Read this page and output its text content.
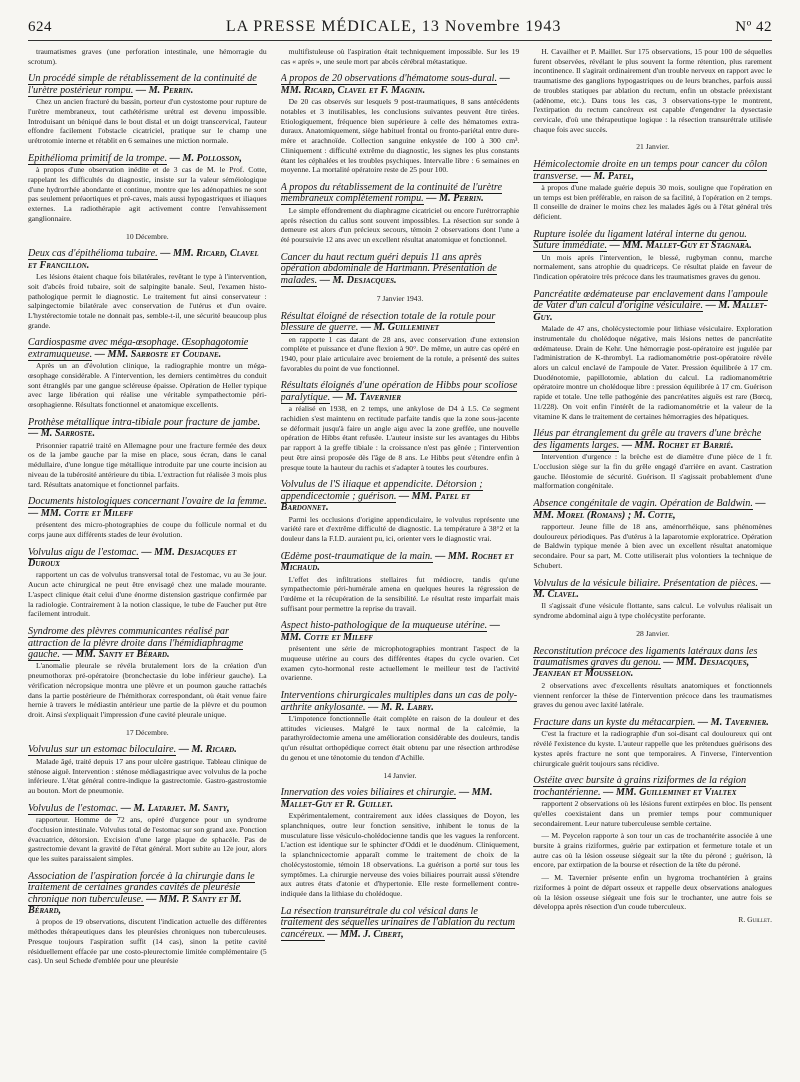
624	LA PRESSE MÉDICALE, 13 Novembre 1943	Nº 42

traumatismes graves (une perforation intestinale, une hémorragie du scrotum).

Un procédé simple de rétablissement de la continuité de l'urètre postérieur rompu. — M. Perrin.

Chez un ancien fracturé du bassin, porteur d'un cystostome pour rupture de l'urètre membraneux, tout cathétérisme urétral est devenu impossible. Introduisant un béniqué dans le bout distal et un doigt transcervical, l'auteur effondre facilement l'obstacle cicatriciel, pratique sur le champ une urétrotomie interne et rétablit en 6 semaines une miction normale.

Epithélioma primitif de la trompe. — M. Pollosson,

à propos d'une observation inédite et de 3 cas de M. le Prof. Cotte, rappelant les difficultés du diagnostic, insiste sur la valeur séméiologique d'une hydrorrhée abondante et continue, montre que les adénopathies ne sont pas seulement préaortiques et pré-caves, mais aussi hypogastriques et iliaques externes. La radiothérapie agit activement contre l'envahissement ganglionnaire.

10 Décembre.

Deux cas d'épithélioma tubaire. — MM. Ricard, Clavel et Francillon.

Les lésions étaient chaque fois bilatérales, revêtant le type à l'intervention, soit d'abcès froid tubaire, soit de salpingite banale. Seul, l'examen histo-pathologique permit le diagnostic. Le traitement fut ainsi conservateur : salpingectomie bilatérale avec conservation de l'utérus et d'un ovaire. L'hystérectomie totale ne donnait pas, semble-t-il, une sécurité beaucoup plus grande.

Cardiospasme avec méga-œsophage. Œsophagotomie extramuqueuse. — MM. Sarroste et Coudane.

Après un an d'évolution clinique, la radiographie montre un méga-œsophage considérable. A l'intervention, les derniers centimètres du conduit sont étranglés par une gangue scléreuse épaisse. Opération de Heller typique avec large libération qui réalise une véritable sympathectomie péri-œsophagienne. Résultats fonctionnel et anatomique excellents.

Prothèse métallique intra-tibiale pour fracture de jambe. — M. Sarroste.

Prisonnier rapatrié traité en Allemagne pour une fracture fermée des deux os de la jambe gauche par la mise en place, sous écran, dans le canal médullaire, d'une longue tige métallique introduite par une courte incision au niveau de la tubérosité antérieure du tibia. L'extraction fut réalisée 3 mois plus tard. Résultats anatomique et fonctionnel parfaits.

Documents histologiques concernant l'ovaire de la femme. — MM. Cotte et Mileff

présentent des micro-photographies de coupe du follicule normal et du corps jaune aux différents stades de leur évolution.

Volvulus aigu de l'estomac. — MM. Desjacques et Duroux

rapportent un cas de volvulus transversal total de l'estomac, vu au 3e jour. Aucun acte chirurgical ne peut être envisagé chez une malade mourante. L'aspect clinique était celui d'une énorme distension gastrique confirmée par la radiologie. Contrairement à la notion classique, le tube de Faucher put être facilement introduit.

Syndrome des plèvres communicantes réalisé par attraction de la plèvre droite dans l'hémidiaphragme gauche. — MM. Santy et Bérard.

L'anomalie pleurale se révéla brutalement lors de la création d'un pneumothorax pré-opératoire (bronchectasie du lobe inférieur gauche). La vérification nécropsique montra une plèvre et un poumon gauche rattachés dans la partie postérieure de l'hémithorax correspondant, où était venue faire hernie à travers le médiastin antérieur une partie de la plèvre et du poumon droit. Ainsi s'expliquait l'impression d'une cavité pleurale unique.

17 Décembre.

Volvulus sur un estomac biloculaire. — M. Ricard.

Malade âgé, traité depuis 17 ans pour ulcère gastrique. Tableau clinique de sténose aiguë. Intervention : sténose médiagastrique avec volvulus de la poche inférieure. L'état général contre-indique la gastrectomie. Gastro-gastrostomie au bouton. Mort de pneumonie.

Volvulus de l'estomac. — M. Latarjet. M. Santy,

rapporteur. Homme de 72 ans, opéré d'urgence pour un syndrome d'occlusion intestinale. Volvulus total de l'estomac sur son grand axe. Ponction évacuatrice, détorsion. Excision d'une large plaque de sphacèle. Pas de gastrectomie devant la gravité de l'état général. Mort subite au 12e jour, alors que les suites paraissaient simples.

Association de l'aspiration forcée à la chirurgie dans le traitement de certaines grandes cavités de pleurésie chronique non tuberculeuse. — MM. P. Santy et M. Bérard,

à propos de 19 observations, discutent l'indication actuelle des différentes méthodes thérapeutiques dans les pleurésies chroniques non tuberculeuses. Presque toujours l'aspiration suffit (14 cas), sinon la petite cavité résiduellement effacée par une costo-pleurectomie limitée complémentaire (5 cas). Un seul Schede d'emblée pour une pleurésie

multifistuleuse où l'aspiration était techniquement impossible. Sur les 19 cas « après », une seule mort par abcès cérébral métastatique.

A propos de 20 observations d'hématome sous-dural. — MM. Ricard, Clavel et F. Magnin.

De 20 cas observés sur lesquels 9 post-traumatiques, 8 sans antécédents notables et 3 inutilisables, les conclusions suivantes peuvent être tirées. Etiologiquement, fréquence bien supérieure à celle des hématomes extra-duraux. Anatomiquement, siège habituel frontal ou fronto-pariétal entre dure-mère et arachnoïde. Collection sanguine enkystée de 100 à 300 cm³. Cliniquement : difficulté extrême du diagnostic, les signes les plus constants étant les céphalées et les troubles psychiques. Intervalle libre : 6 semaines en moyenne. La mortalité opératoire reste de 25 pour 100.

A propos du rétablissement de la continuité de l'urètre membraneux complètement rompu. — M. Perrin.

Le simple effondrement du diaphragme cicatriciel ou encore l'urétrorraphie après résection du callus sont souvent impossibles. La résection sur sonde à demeure est alors d'un précieux secours, témoin 2 observations dont l'une a été poursuivie 12 ans avec un excellent résultat anatomique et fonctionnel.

Cancer du haut rectum guéri depuis 11 ans après opération abdominale de Hartmann. Présentation de malades. — M. Desjacques.

7 Janvier 1943.

Résultat éloigné de résection totale de la rotule pour blessure de guerre. — M. Guilleminet

en rapporte 1 cas datant de 28 ans, avec conservation d'une extension complète et puissance et d'une flexion à 90°. De même, un autre cas opéré en 1940, pour plaie articulaire avec broiement de la rotule, a présenté des suites favorables du point de vue fonctionnel.

Résultats éloignés d'une opération de Hibbs pour scoliose paralytique. — M. Tavernier

a réalisé en 1938, en 2 temps, une ankylose de D4 à L5. Ce segment rachidien s'est maintenu en rectitude parfaite tandis que la zone sous-jacente se déformait jusqu'à faire un angle aigu avec la zone greffée, une nouvelle opération de Hibbs étant refusée. L'auteur insiste sur les avantages du Hibbs par rapport à la greffe tibiale : la croissance n'est pas gênée ; l'intervention peut être ainsi proposée dès l'âge de 8 ans. Le Hibbs peut s'étendre enfin à presque toute la hauteur du rachis et s'adapter à toutes les courbures.

Volvulus de l'S iliaque et appendicite. Détorsion ; appendicectomie ; guérison. — MM. Patel et Bardonnet.

Parmi les occlusions d'origine appendiculaire, le volvulus représente une variété rare et d'extrême difficulté de diagnostic. La température à 38°2 et la douleur dans la F.I.D. auraient pu, ici, orienter vers le diagnostic vrai.

Œdème post-traumatique de la main. — MM. Rochet et Michaud.

L'effet des infiltrations stellaires fut médiocre, tandis qu'une sympathectomie péri-humérale amena en quelques heures la régression de l'œdème et la récupération de la sensibilité. Le résultat reste imparfait mais suffisant pour permettre la reprise du travail.

Aspect histo-pathologique de la muqueuse utérine. — MM. Cotte et Mileff

présentent une série de microphotographies montrant l'aspect de la muqueuse utérine au cours des différentes étapes du cycle ovarien. Cet examen cyto-hormonal reste actuellement le meilleur test de l'activité ovarienne.

Interventions chirurgicales multiples dans un cas de poly-arthrite ankylosante. — M. R. Labry.

L'impotence fonctionnelle était complète en raison de la douleur et des attitudes vicieuses. Malgré le taux normal de la calcémie, la parathyroïdectomie amena une amélioration considérable des douleurs, tandis qu'un résultat orthopédique correct était obtenu par une résection arthrodèse du genou et une ténotomie du tendon d'Achille.

14 Janvier.

Innervation des voies biliaires et chirurgie. — MM. Mallet-Guy et R. Guillet.

Expérimentalement, contrairement aux idées classiques de Doyon, les splanchniques, outre leur fonction sensitive, inhibent le tonus de la musculature lisse vésiculo-cholédocienne tandis que les vagues la renforcent. L'action est identique sur le sphincter d'Oddi et le duodénum. Cliniquement, la splanchnicectomie apparaît comme le traitement de choix de la cholécystostomie, témoin 18 observations. La guérison a porté sur tous les symptômes. La chirurgie nerveuse des voies biliaires pourrait aussi s'étendre aux autres états d'atonie et d'hypertonie. Elle reste formellement contre-indiquée dans la lithiase du cholédoque.

La résection transurétrale du col vésical dans le traitement des séquelles urinaires de l'ablation du rectum cancéreux. — MM. J. Cibert,

H. Cavailher et P. Maillet. Sur 175 observations, 15 pour 100 de séquelles furent observées, révélant le plus souvent la forme rétention, plus rarement incontinence. Il s'agirait ordinairement d'un trouble nerveux en rapport avec le traumatisme des ganglions hypogastriques ou de leurs branches, parfois aussi de troubles statiques par ablation du rectum, enfin un obstacle préexistant (adénome, etc.). Dans tous les cas, 3 observations-type le montrent, l'extirpation du rectum cancéreux est capable d'engendrer la dysectasie cervicale, d'où une thérapeutique logique : la résection transurétrale utilisée chaque fois avec succès.

21 Janvier.

Hémicolectomie droite en un temps pour cancer du côlon transverse. — M. Patel,

à propos d'une malade guérie depuis 30 mois, souligne que l'opération en un temps est bien préférable, en raison de sa facilité, à l'opération en 2 temps. Il conseille de drainer le moins chez les malades âgés ou à l'état général très déficient.

Rupture isolée du ligament latéral interne du genou. Suture immédiate. — MM. Mallet-Guy et Stagnara.

Un mois après l'intervention, le blessé, rugbyman connu, marche normalement, sans atrophie du quadriceps. Ce résultat plaide en faveur de l'indication opératoire très précoce dans les traumatismes graves du genou.

Pancréatite œdémateuse par enclavement dans l'ampoule de Vater d'un calcul d'origine vésiculaire. — M. Mallet-Guy.

Malade de 47 ans, cholécystectomie pour lithiase vésiculaire. Exploration instrumentale du cholédoque négative, mais lésions nettes de pancréatite œdémateuse. Drain de Kehr. Une hémorragie post-opératoire est jugulée par l'administration de K-thrombyl. La radiomanométrie post-opératoire révèle alors un calcul enclavé de l'ampoule de Vater. Pression équilibrée à 17 cm. Duodénotomie, papillotomie, ablation du calcul. La radiomanométrie opératoire montre un cholédoque libre : pression équilibrée à 17 cm. Guérison rapide et totale. Une telle pathogénie des pancréatites aiguës est rare (Bœcq, 11/228). On voit enfin l'intérêt de la radiomanométrie et la valeur de la vitamine K dans le traitement de certaines hémorragies des hépatiques.

Iléus par étranglement du grêle au travers d'une brèche des ligaments larges. — MM. Rochet et Barrié.

Intervention d'urgence : la brèche est de diamètre d'une pièce de 1 fr. L'occlusion siège sur la fin du grêle engagé d'arrière en avant. Castration gauche. Iléostomie de sécurité. Guérison. Il s'agissait probablement d'une malformation congénitale.

Absence congénitale de vagin. Opération de Baldwin. — MM. Morel (Romans) ; M. Cotte,

rapporteur. Jeune fille de 18 ans, aménorrhéique, sans phénomènes douloureux périodiques. Pas d'utérus à la laparotomie exploratrice. Opération de Baldwin typique menée à bien avec un excellent résultat anatomique secondaire. Pour sa part, M. Cotte utiliserait plus volontiers la technique de Schubert.

Volvulus de la vésicule biliaire. Présentation de pièces. — M. Clavel.

Il s'agissait d'une vésicule flottante, sans calcul. Le volvulus réalisait un syndrome abdominal aigu à type cholécystite perforante.

28 Janvier.

Reconstitution précoce des ligaments latéraux dans les traumatismes graves du genou. — MM. Desjacques, Jeanjean et Mousselon.

2 observations avec d'excellents résultats anatomiques et fonctionnels viennent renforcer la thèse de l'intervention précoce dans les traumatismes graves du genou avec laxité latérale.

Fracture dans un kyste du métacarpien. — M. Tavernier.

C'est la fracture et la radiographie d'un soi-disant cal douloureux qui ont révélé l'existence du kyste. L'auteur rappelle que les prétendues guérisons des kystes après fracture ne sont que temporaires. A l'inverse, l'intervention chirurgicale guérit toujours sans récidive.

Ostéite avec bursite à grains riziformes de la région trochantérienne. — MM. Guilleminet et Vialtex

rapportent 2 observations où les lésions furent extirpées en bloc. Ils pensent qu'elles coexistaient dans un premier temps pour communiquer secondairement. Leur nature tuberculeuse semble certaine.

— M. Peycelon rapporte à son tour un cas de trochantérite associée à une bursite à grains riziformes, guérie par extirpation et fermeture totale et un autre cas où la lésion osseuse siégeait sur la tête du péroné ; guérison, là encore, par extirpation de la bourse et résection de la tête du péroné.

— M. Tavernier présente enfin un hygroma trochantérien à grains riziformes à point de départ osseux et rappelle deux observations analogues où la lésion osseuse siégeait une fois sur le trochanter, une autre fois se développa après résection d'un coude tuberculeux.

R. Guillet.
